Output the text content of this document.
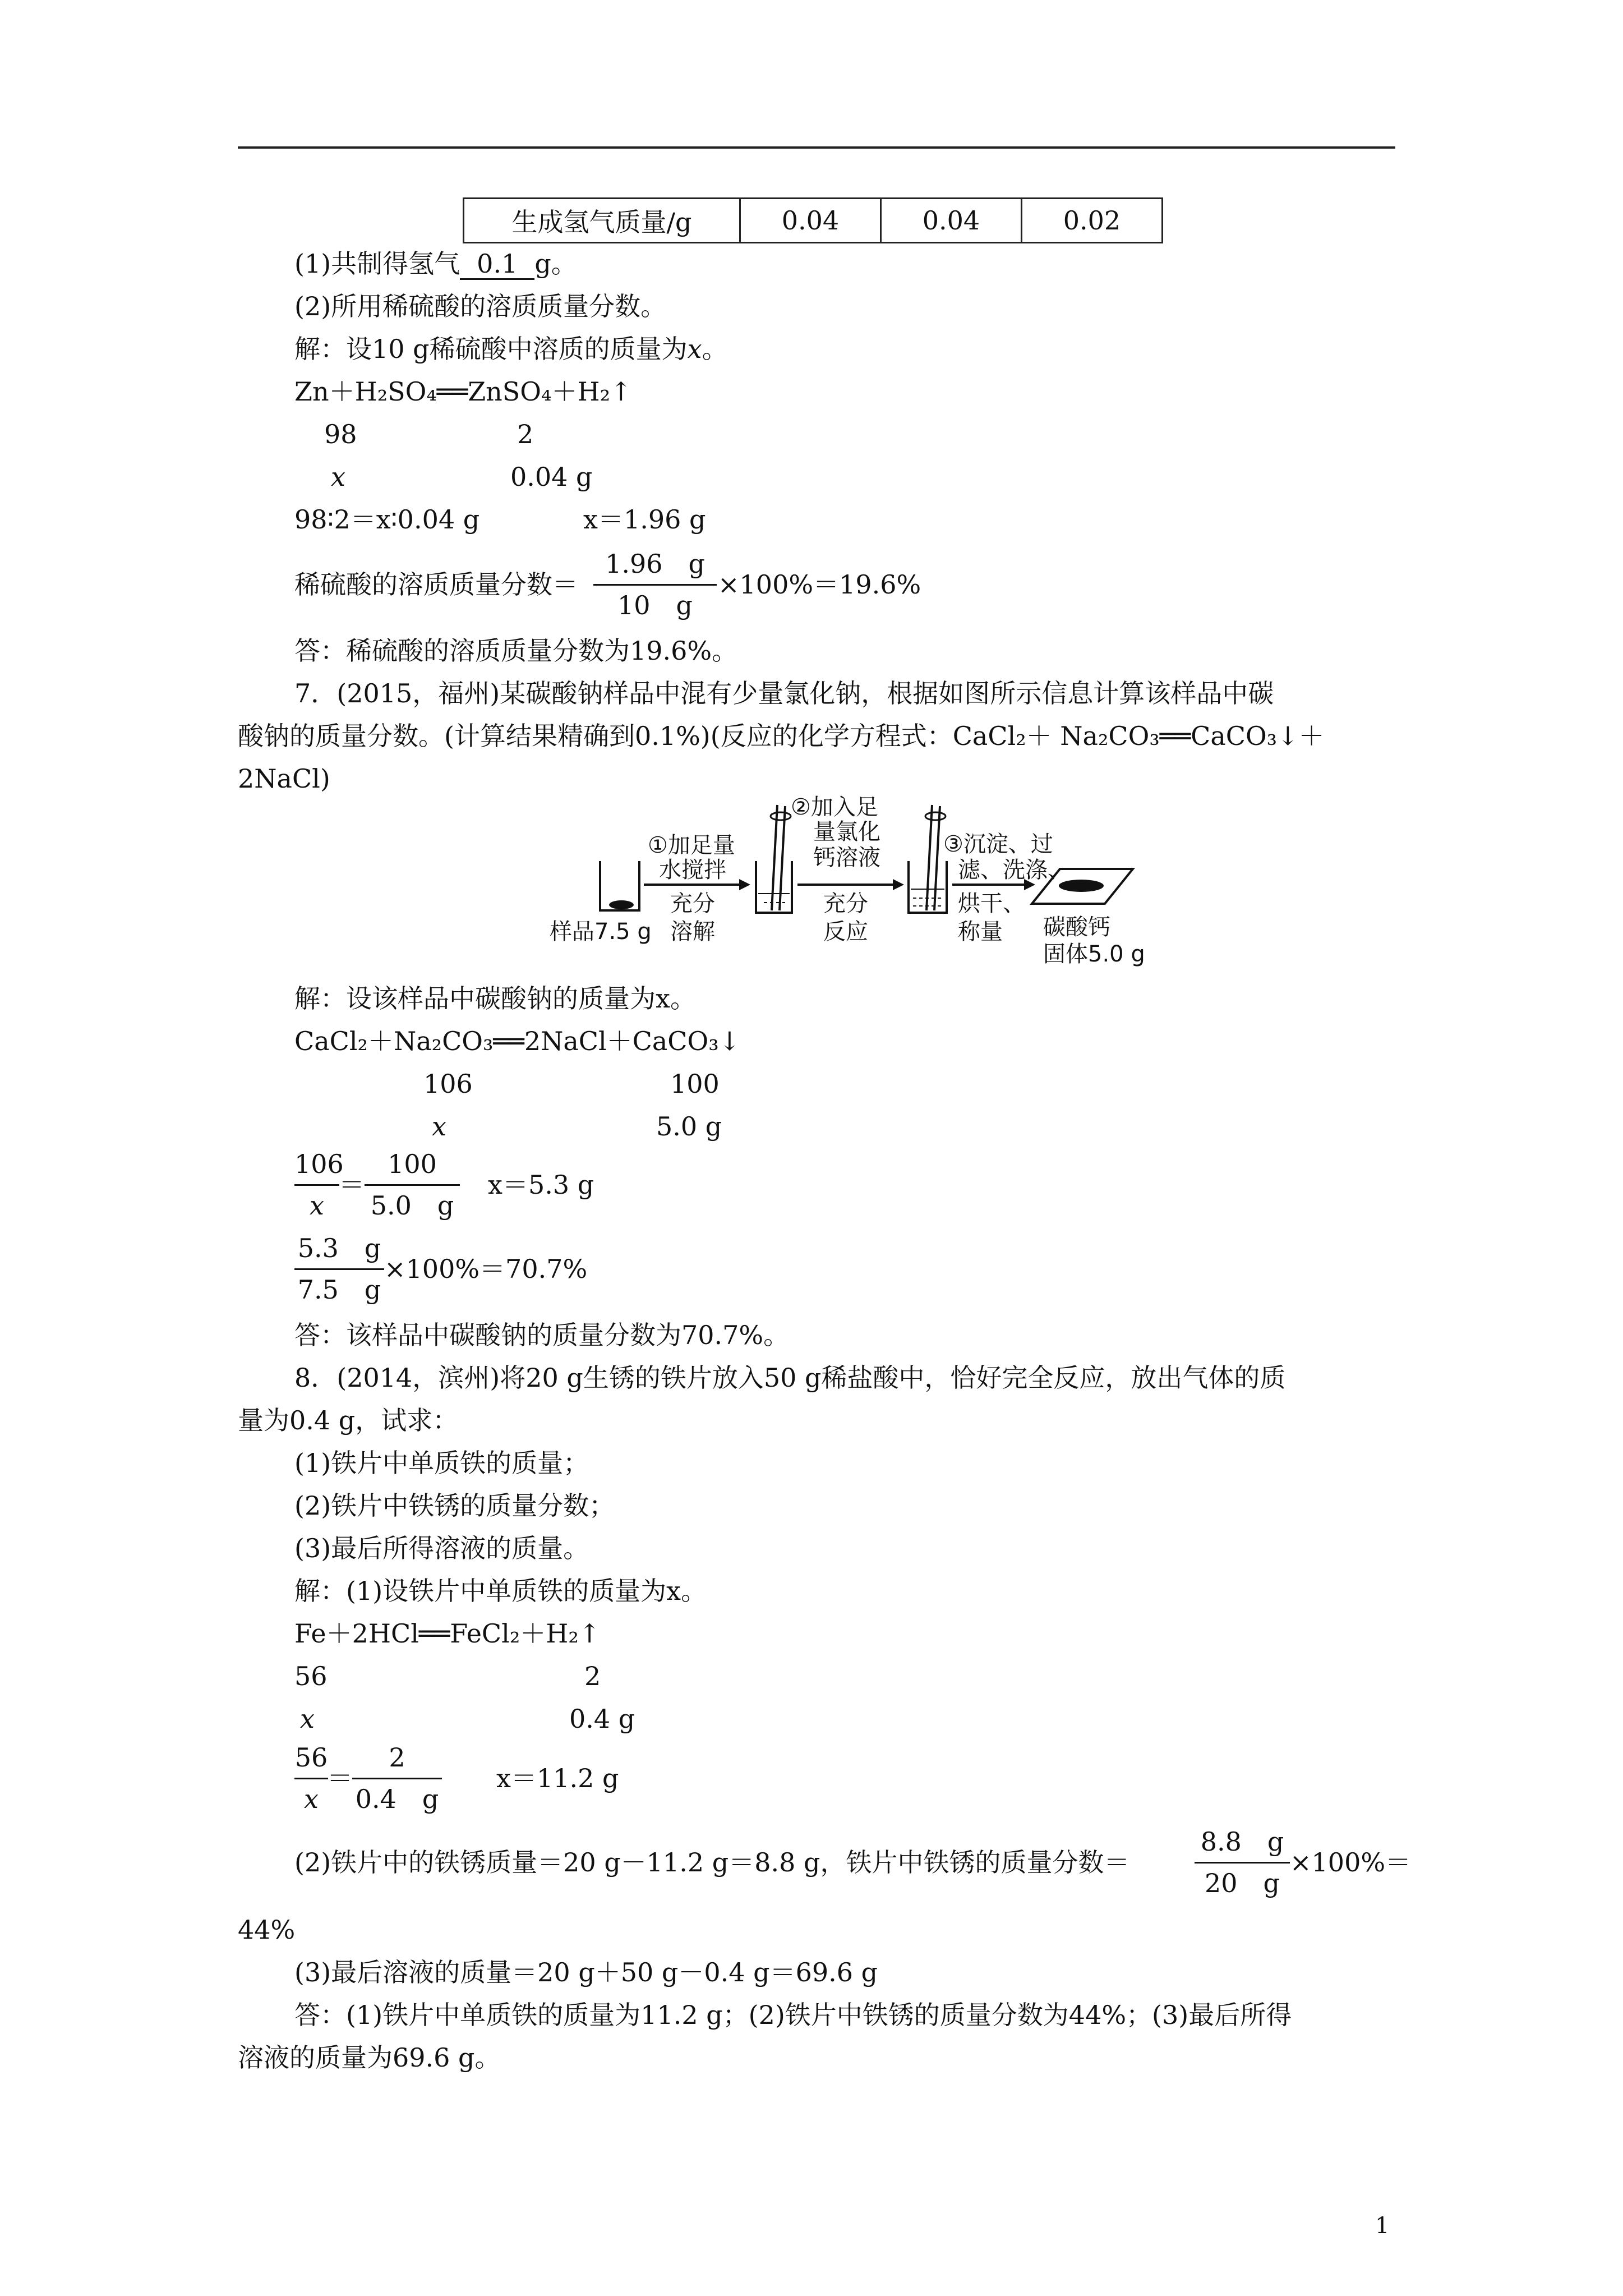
生成氢气质量/g	0.04	0.04	0.02
(1)共制得氢气 0.1 g。
(2)所用稀硫酸的溶质质量分数。
解：设10 g稀硫酸中溶质的质量为x。
Zn＋H₂SO₄══ZnSO₄＋H₂↑
98	2
x	0.04 g
98∶2＝x∶0.04 g	x＝1.96 g
稀硫酸的溶质质量分数＝
1.96　g
10　g
×100%＝19.6%
答：稀硫酸的溶质质量分数为19.6%。
7．(2015，福州)某碳酸钠样品中混有少量氯化钠，根据如图所示信息计算该样品中碳
酸钠的质量分数。(计算结果精确到0.1%)(反应的化学方程式：CaCl₂＋ Na₂CO₃══CaCO₃↓＋
2NaCl)
①加足量
水搅拌
充分
溶解
②加入足
量氯化
钙溶液
充分
反应
③沉淀、过
滤、洗涤、
烘干、
称量
样品7.5 g	碳酸钙
固体5.0 g
解：设该样品中碳酸钠的质量为x。
CaCl₂＋Na₂CO₃══2NaCl＋CaCO₃↓
106	100
x	5.0 g
106
x
＝
100
5.0　g
x＝5.3 g
5.3　g
7.5　g
×100%＝70.7%
答：该样品中碳酸钠的质量分数为70.7%。
8．(2014，滨州)将20 g生锈的铁片放入50 g稀盐酸中，恰好完全反应，放出气体的质
量为0.4 g，试求：
(1)铁片中单质铁的质量；
(2)铁片中铁锈的质量分数；
(3)最后所得溶液的质量。
解：(1)设铁片中单质铁的质量为x。
Fe＋2HCl══FeCl₂＋H₂↑
56	2
x	0.4 g
56
x
＝
2
0.4　g
x＝11.2 g
(2)铁片中的铁锈质量＝20 g－11.2 g＝8.8 g，铁片中铁锈的质量分数＝
8.8　g
20　g
×100%＝
44%
(3)最后溶液的质量＝20 g＋50 g－0.4 g＝69.6 g
答：(1)铁片中单质铁的质量为11.2 g；(2)铁片中铁锈的质量分数为44%；(3)最后所得
溶液的质量为69.6 g。
1
